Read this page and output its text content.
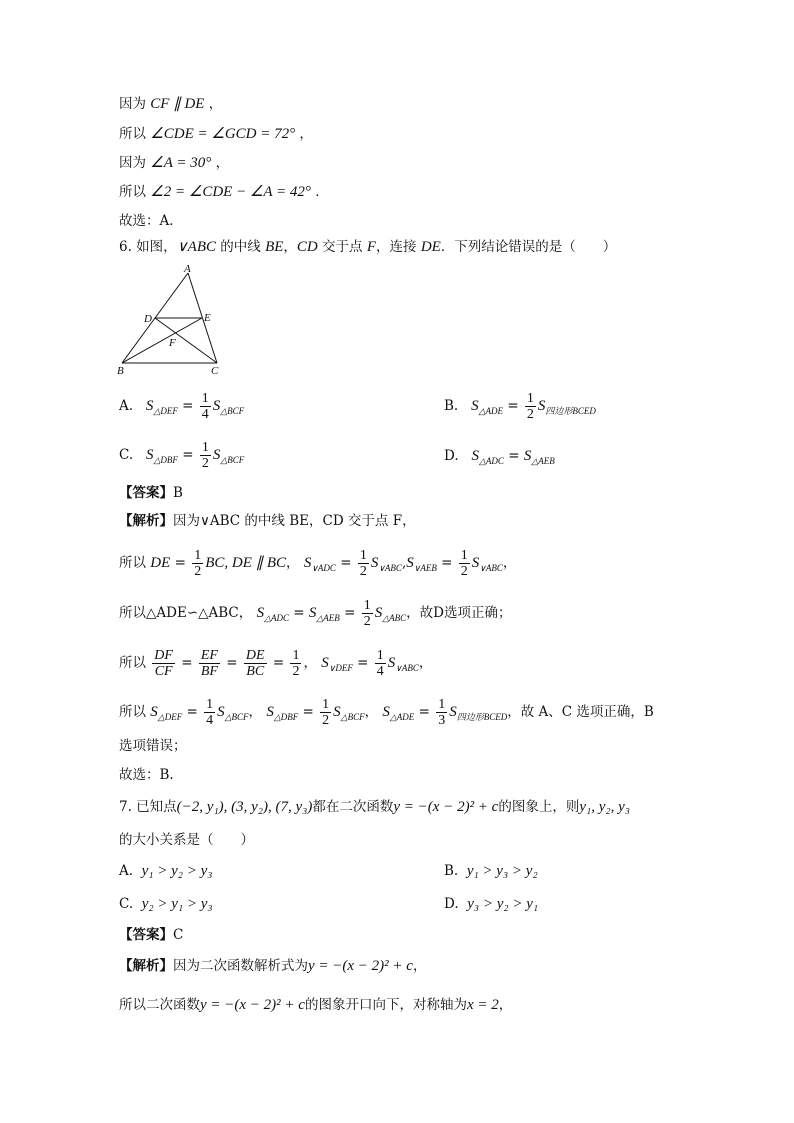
因为 CF ∥ DE ，
所以 ∠CDE = ∠GCD = 72° ，
因为 ∠A = 30° ，
所以 ∠2 = ∠CDE − ∠A = 42° ．
故选：A．
6. 如图，∨ABC 的中线 BE，CD 交于点 F，连接 DE．下列结论错误的是（　　）
A
B	C
D	E
F
A. $S_{\triangle DEF} = \frac{1}{4} S_{\triangle BCF}$	B. $S_{\triangle ADE} = \frac{1}{2} S_{四边形BCED}$
C. $S_{\triangle DBF} = \frac{1}{2} S_{\triangle BCF}$	D. $S_{\triangle ADC} = S_{\triangle AEB}$
【答案】B
【解析】因为∨ABC 的中线 BE，CD 交于点 F，
所以 DE = $\frac{1}{2}$ BC, DE ∥ BC， $S_{\vee ADC} = \frac{1}{2} S_{\vee ABC},S_{\vee AEB} = \frac{1}{2} S_{\vee ABC}$，
所以△ADE∽△ABC， $S_{\triangle ADC} = S_{\triangle AEB} = \frac{1}{2} S_{\triangle ABC}$，故D选项正确；
所以 $\frac{DF}{CF} = \frac{EF}{BF} = \frac{DE}{BC} = \frac{1}{2}$ ， $S_{\vee DEF} = \frac{1}{4} S_{\vee ABC}$，
所以 $S_{\triangle DEF} = \frac{1}{4} S_{\triangle BCF}$， $S_{\triangle DBF} = \frac{1}{2} S_{\triangle BCF}$， $S_{\triangle ADE} = \frac{1}{3} S_{四边形BCED}$，故 A、C 选项正确，B
选项错误；
故选：B.
7. 已知点(−2, y₁), (3, y₂), (7, y₃)都在二次函数y = −(x − 2)² + c的图象上，则y₁, y₂, y₃
的大小关系是（　　）
A. y₁ > y₂ > y₃	B. y₁ > y₃ > y₂
C. y₂ > y₁ > y₃	D. y₃ > y₂ > y₁
【答案】C
【解析】因为二次函数解析式为y = −(x − 2)² + c，
所以二次函数y = −(x − 2)² + c的图象开口向下，对称轴为x = 2，
